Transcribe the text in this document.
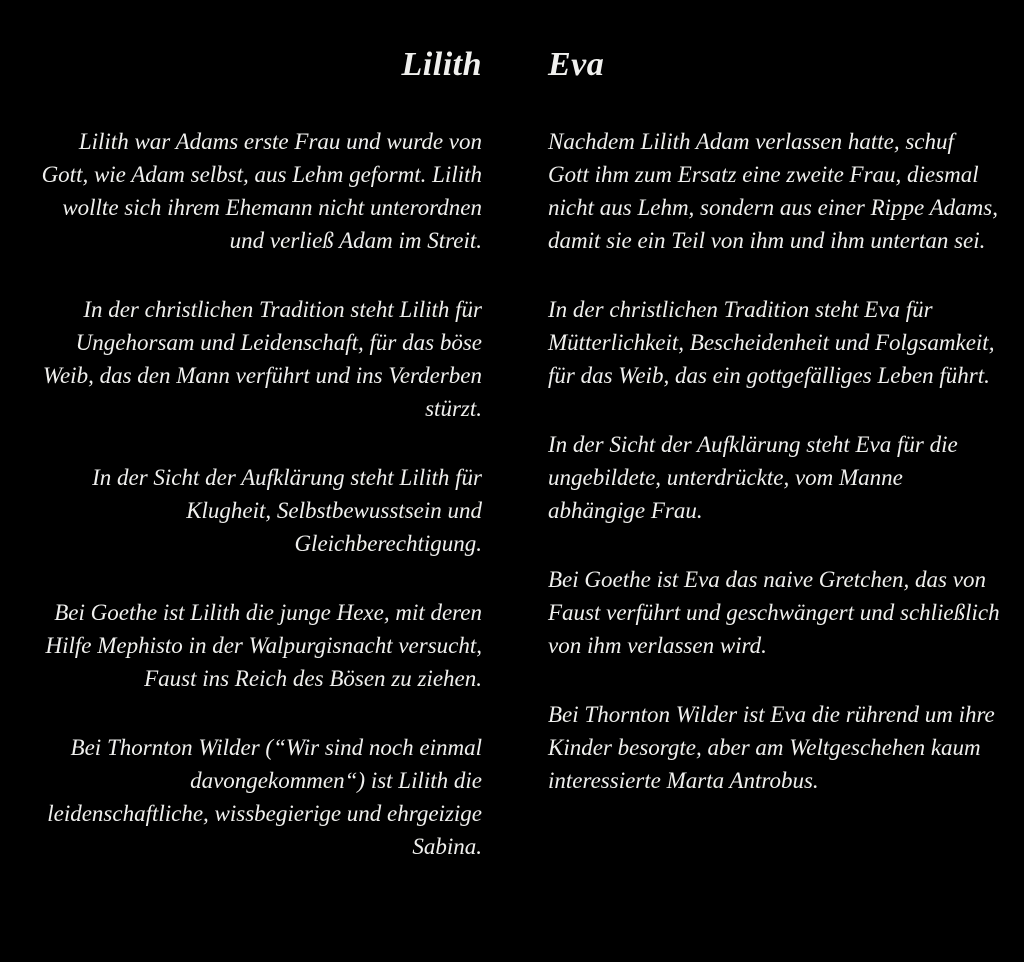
Lilith

Lilith war Adams erste Frau und wurde von Gott, wie Adam selbst, aus Lehm geformt. Lilith wollte sich ihrem Ehemann nicht unterordnen und verließ Adam im Streit.

In der christlichen Tradition steht Lilith für Ungehorsam und Leidenschaft, für das böse Weib, das den Mann verführt und ins Verderben stürzt.

In der Sicht der Aufklärung steht Lilith für Klugheit, Selbstbewusstsein und Gleichberechtigung.

Bei Goethe ist Lilith die junge Hexe, mit deren Hilfe Mephisto in der Walpurgisnacht versucht, Faust ins Reich des Bösen zu ziehen.

Bei Thornton Wilder (“Wir sind noch einmal davongekommen“) ist Lilith die leidenschaftliche, wissbegierige und ehrgeizige Sabina.

Eva

Nachdem Lilith Adam verlassen hatte, schuf Gott ihm zum Ersatz eine zweite Frau, diesmal nicht aus Lehm, sondern aus einer Rippe Adams, damit sie ein Teil von ihm und ihm untertan sei.

In der christlichen Tradition steht Eva für Mütterlichkeit, Bescheidenheit und Folgsamkeit, für das Weib, das ein gottgefälliges Leben führt.

In der Sicht der Aufklärung steht Eva für die ungebildete, unterdrückte, vom Manne abhängige Frau.

Bei Goethe ist Eva das naive Gretchen, das von Faust verführt und geschwängert und schließlich von ihm verlassen wird.

Bei Thornton Wilder ist Eva die rührend um ihre Kinder besorgte, aber am Weltgeschehen kaum interessierte Marta Antrobus.
